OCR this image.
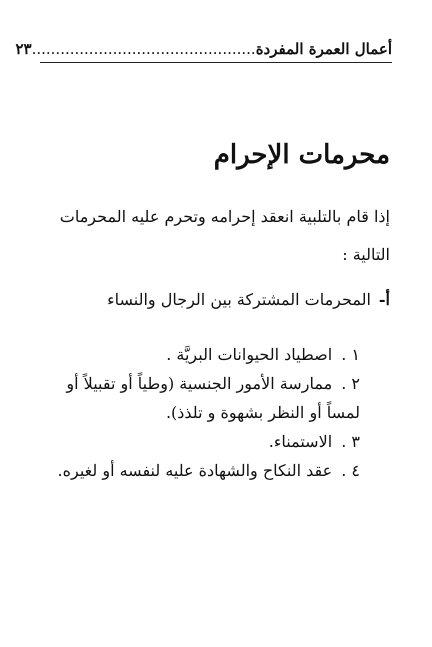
أعمال العمرة المفردة
...............................................٢٣
محرمات الإحرام

إذا قام بالتلبية انعقد إحرامه وتحرم عليه المحرمات التالية :

أ-
المحرمات المشتركة بين الرجال والنساء
١ . اصطياد الحيوانات البريَّة .
٢ . ممارسة الأمور الجنسية (وطياً أو تقبيلاً أو لمساً أو النظر بشهوة و تلذذ).
٣ . الاستمناء.
٤ . عقد النكاح والشهادة عليه لنفسه أو لغيره.
